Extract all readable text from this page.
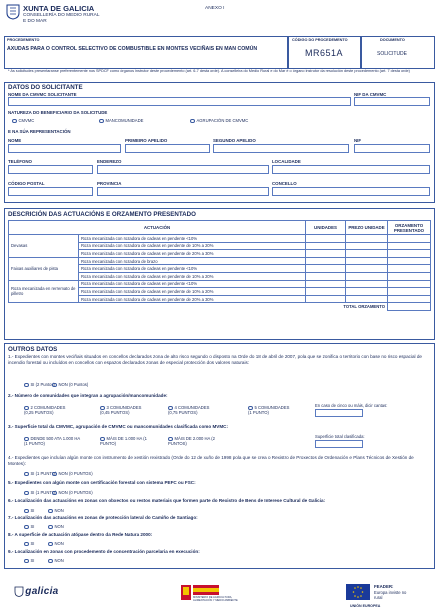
XUNTA DE GALICIA
CONSELLERÍA DO MEDIO RURAL
E DO MAR
ANEXO I
PROCEDEMENTO
AXUDAS PARA O CONTROL SELECTIVO DE COMBUSTIBLE EN MONTES VECIÑAIS EN MAN COMÚN
CÓDIGO DO PROCEDEMENTO
MR651A
DOCUMENTO
SOLICITUDE
* As solicitudes presentaranse preferentemente nos SPDCF como órganos instrutor deste procedemento (art. 6-7 desta orde). A conselleira do Medio Rural e do Mar é o órgano instrutor da resolución deste procedemento (art. 7 desta orde)
DATOS DO SOLICITANTE
NOME DA CMVMC SOLICITANTE	NIF DA CMVMC
NATUREZA DO BENEFICIARIO DA SOLICITUDE
CMVMC	MANCOMUNIDADE	AGRUPACIÓN DE CMVMC
E NA SÚA REPRESENTACIÓN
NOME	PRIMEIRO APELIDO	SEGUNDO APELIDO	NIF
TELÉFONO	ENDEREZO	LOCALIDADE
CÓDIGO POSTAL	PROVINCIA	CONCELLO
DESCRICIÓN DAS ACTUACIÓNS E ORZAMENTO PRESENTADO
ACTUACIÓN		UNIDADES	PREZO UNIDADE	ORZAMENTO PRESENTADO
Devasas	Roza mecanizada con rozadora de cadeas en pendente <10%			
	Roza mecanizada con rozadora de cadeas en pendente de 10% a 20%			
	Roza mecanizada con rozadora de cadeas en pendente de 20% a 30%			
Faixas auxiliares de pista	Roza mecanizada con rozadora de brazo			
	Roza mecanizada con rozadora de cadeas en pendente <10%			
	Roza mecanizada con rozadora de cadeas en pendente de 10% a 20%			
Roza mecanizada en rerremato de pilletro	Roza mecanizada con rozadora de cadeas en pendente <10%			
	Roza mecanizada con rozadora de cadeas en pendente de 10% a 20%			
	Roza mecanizada con rozadora de cadeas en pendente de 20% a 30%			
TOTAL ORZAMENTO				
OUTROS DATOS
1.- Expedientes con montes veciñais situados en concellos declarados zona de alto risco segundo o disposto na Orde do 18 de abril de 2007, pola que se zonifica o territorio con base no risco espacial de incendio forestal ou incluídos en concellos con espazos declarados zonas de especial protección dos valores naturais:
SI (2 Puntos) NON (0 Puntos)
2.- Número de comunidades que integran a agrupación/mancomunidade:
2 COMUNIDADES (0,25 PUNTOS)
3 COMUNIDADES (0,45 PUNTOS)
4 COMUNIDADES (0,75 PUNTOS)
5 COMUNIDADES (1 PUNTO)
En caso de cinco ou máis, dicir cantas:
3.- Superficie total da CMVMC, agrupación de CMVMC ou mancomunidades clasificada como MVMC:
DENDE 500 ATA 1.000 HA (1 PUNTO)
MÁIS DE 1.000 HA (1 PUNTO)
MÁIS DE 2.000 HA (2 PUNTOS)
Superficie total clasificada:
4.- Expedientes que incluían algún monte con instrumento de xestión rexistrado (Orde do 12 de xuño de 1998 pola que se crea o Rexistro de Proxectos de Ordenación e Plans Técnicos de Xestión de Montes):
SI (1 PUNTO) NON (0 PUNTOS)
5.- Expedientes con algún monte con certificación forestal con sistema PEFC ou FSC:
SI (1 PUNTO) NON (0 PUNTOS)
6.- Localización das actuacións en zonas con obxectos ou restos materiais que formen parte do Rexistro de Bens de Interese Cultural de Galicia:
SI	NON
7.- Localización das actuacións en zonas de protección lateral do Camiño de Santiago:
SI	NON
8.- A superficie de actuación atópase dentro da Rede Natura 2000:
SI	NON
9.- Localización en zonas con procedemento de concentración parcelaria en execución:
SI	NON
galicia
MINISTERIO DE AGRICULTURA, ALIMENTACIÓN Y MEDIO AMBIENTE
FEADER:
Europa inviste no rural
UNIÓN EUROPEA
